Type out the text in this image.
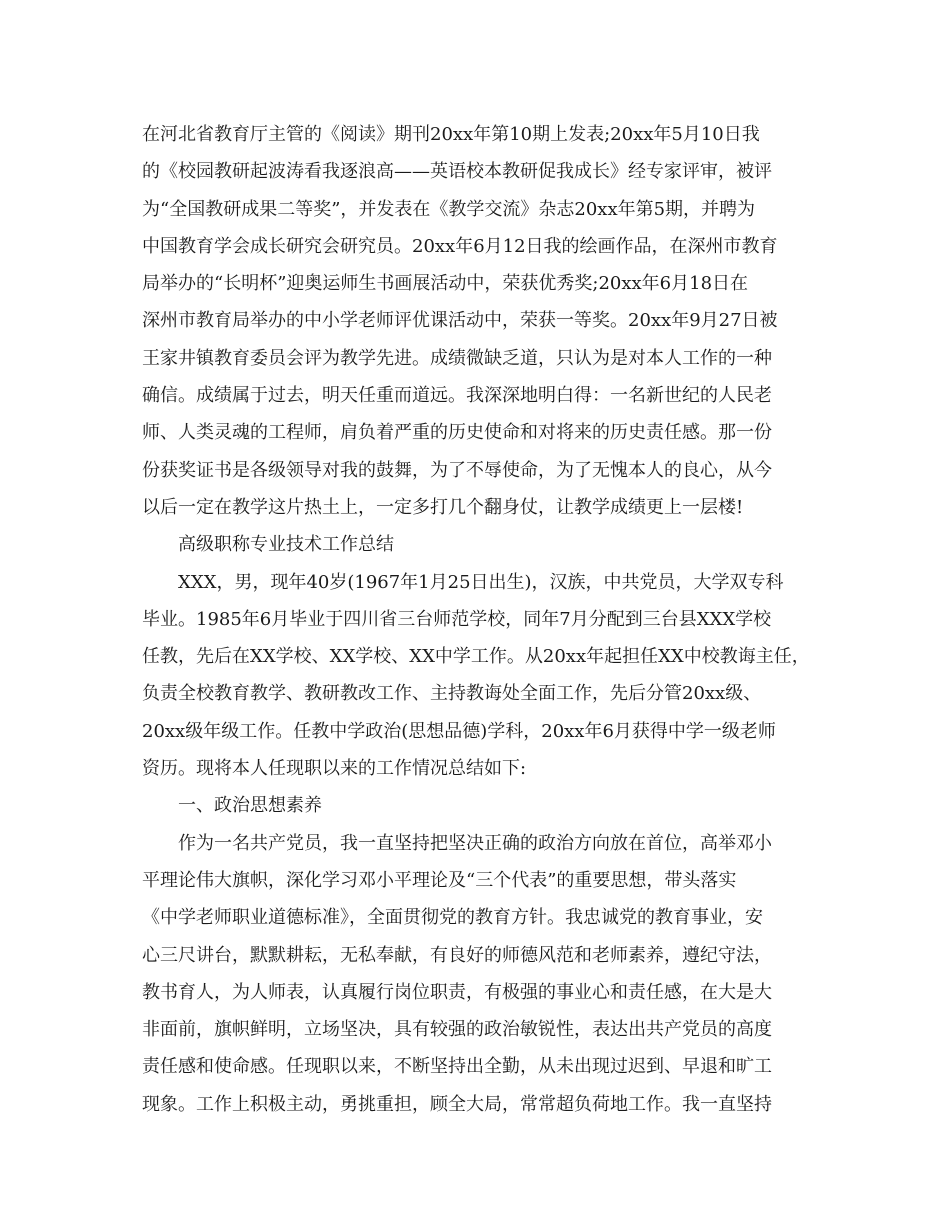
在河北省教育厅主管的《阅读》期刊20xx年第10期上发表;20xx年5月10日我
的《校园教研起波涛看我逐浪高——英语校本教研促我成长》经专家评审，被评
为“全国教研成果二等奖”，并发表在《教学交流》杂志20xx年第5期，并聘为
中国教育学会成长研究会研究员。20xx年6月12日我的绘画作品，在深州市教育
局举办的“长明杯”迎奥运师生书画展活动中，荣获优秀奖;20xx年6月18日在
深州市教育局举办的中小学老师评优课活动中，荣获一等奖。20xx年9月27日被
王家井镇教育委员会评为教学先进。成绩微缺乏道，只认为是对本人工作的一种
确信。成绩属于过去，明天任重而道远。我深深地明白得：一名新世纪的人民老
师、人类灵魂的工程师，肩负着严重的历史使命和对将来的历史责任感。那一份
份获奖证书是各级领导对我的鼓舞，为了不辱使命，为了无愧本人的良心，从今
以后一定在教学这片热土上，一定多打几个翻身仗，让教学成绩更上一层楼!
高级职称专业技术工作总结
XXX，男，现年40岁(1967年1月25日出生)，汉族，中共党员，大学双专科
毕业。1985年6月毕业于四川省三台师范学校，同年7月分配到三台县XXX学校
任教，先后在XX学校、XX学校、XX中学工作。从20xx年起担任XX中校教诲主任，
负责全校教育教学、教研教改工作、主持教诲处全面工作，先后分管20xx级、
20xx级年级工作。任教中学政治(思想品德)学科，20xx年6月获得中学一级老师
资历。现将本人任现职以来的工作情况总结如下:
一、政治思想素养
作为一名共产党员，我一直坚持把坚决正确的政治方向放在首位，高举邓小
平理论伟大旗帜，深化学习邓小平理论及“三个代表”的重要思想，带头落实
《中学老师职业道德标准》，全面贯彻党的教育方针。我忠诚党的教育事业，安
心三尺讲台，默默耕耘，无私奉献，有良好的师德风范和老师素养，遵纪守法，
教书育人，为人师表，认真履行岗位职责，有极强的事业心和责任感，在大是大
非面前，旗帜鲜明，立场坚决，具有较强的政治敏锐性，表达出共产党员的高度
责任感和使命感。任现职以来，不断坚持出全勤，从未出现过迟到、早退和旷工
现象。工作上积极主动，勇挑重担，顾全大局，常常超负荷地工作。我一直坚持
